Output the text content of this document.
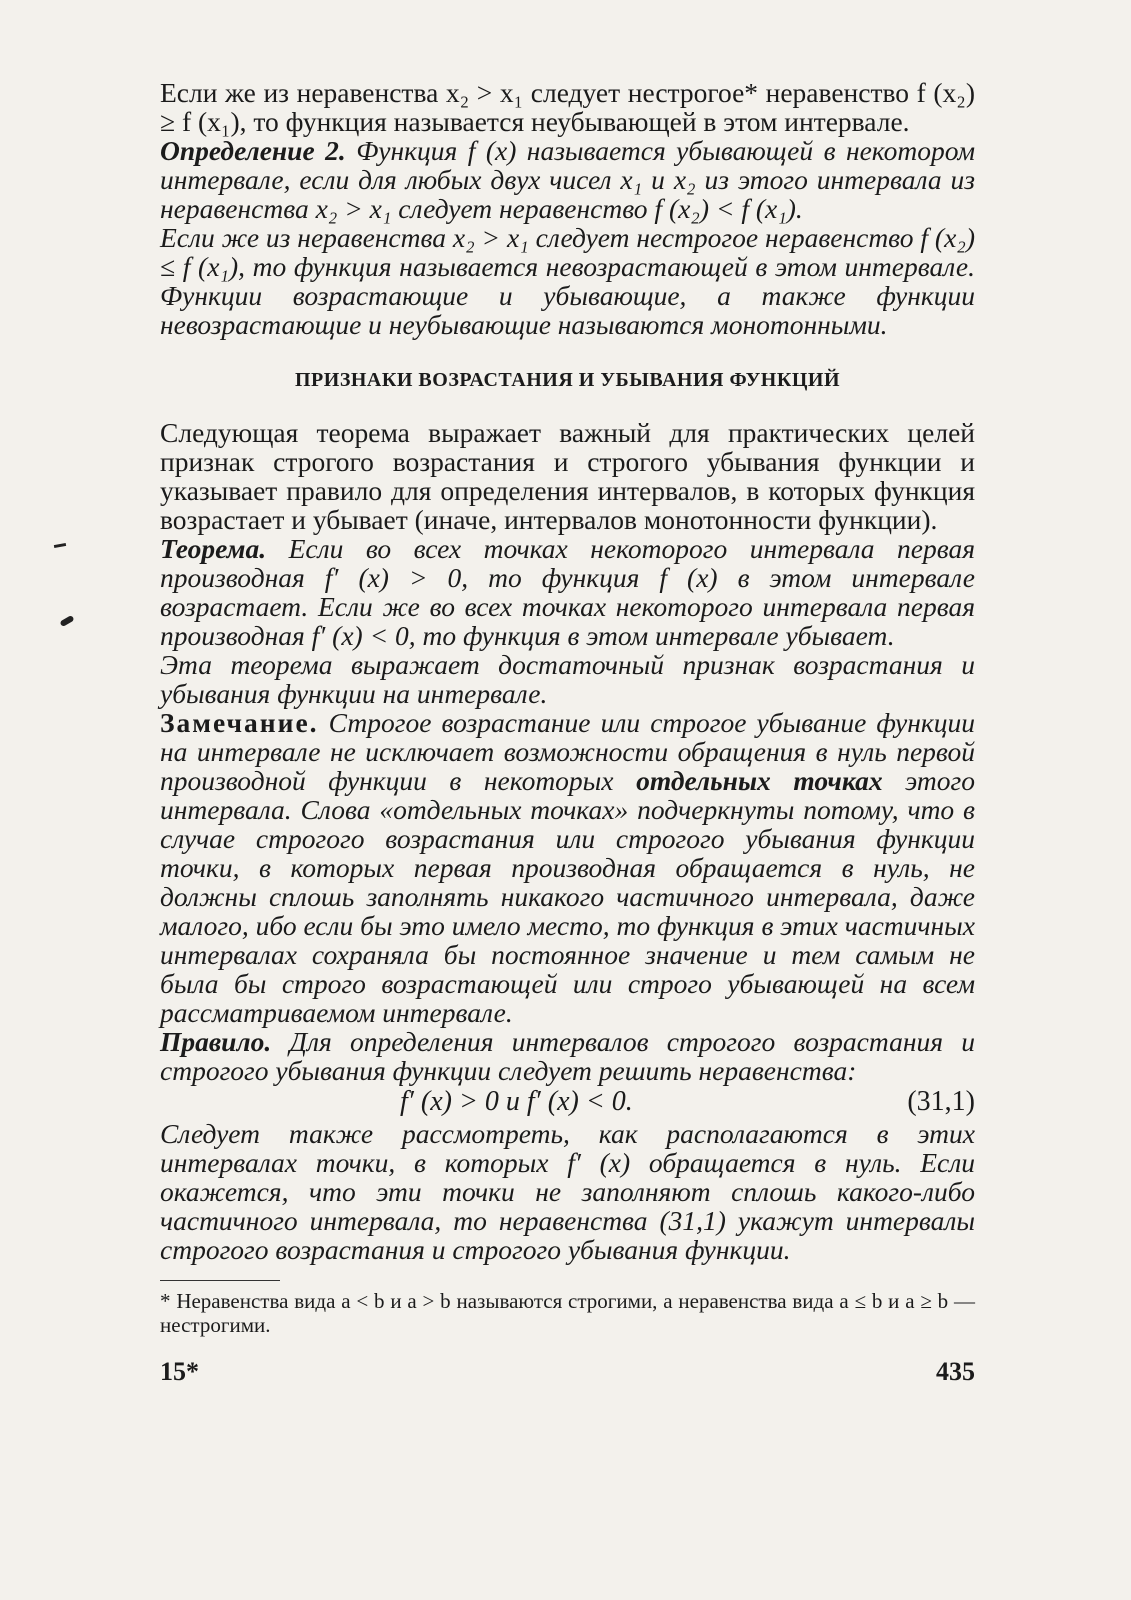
Если же из неравенства x₂ > x₁ следует нестрогое* неравенство f (x₂) ≥ f (x₁), то функция называется неубывающей в этом интервале.

Определение 2. Функция f (x) называется убывающей в некотором интервале, если для любых двух чисел x₁ и x₂ из этого интервала из неравенства x₂ > x₁ следует неравенство f (x₂) < f (x₁).

Если же из неравенства x₂ > x₁ следует нестрогое неравенство f (x₂) ≤ f (x₁), то функция называется невозрастающей в этом интервале. Функции возрастающие и убывающие, а также функции невозрастающие и неубывающие называются монотонными.

ПРИЗНАКИ ВОЗРАСТАНИЯ И УБЫВАНИЯ ФУНКЦИЙ

Следующая теорема выражает важный для практических целей признак строгого возрастания и строгого убывания функции и указывает правило для определения интервалов, в которых функция возрастает и убывает (иначе, интервалов монотонности функции).

Теорема. Если во всех точках некоторого интервала первая производная f′ (x) > 0, то функция f (x) в этом интервале возрастает. Если же во всех точках некоторого интервала первая производная f′ (x) < 0, то функция в этом интервале убывает.

Эта теорема выражает достаточный признак возрастания и убывания функции на интервале.

Замечание. Строгое возрастание или строгое убывание функции на интервале не исключает возможности обращения в нуль первой производной функции в некоторых отдельных точках этого интервала. Слова «отдельных точках» подчеркнуты потому, что в случае строгого возрастания или строгого убывания функции точки, в которых первая производная обращается в нуль, не должны сплошь заполнять никакого частичного интервала, даже малого, ибо если бы это имело место, то функция в этих частичных интервалах сохраняла бы постоянное значение и тем самым не была бы строго возрастающей или строго убывающей на всем рассматриваемом интервале.

Правило. Для определения интервалов строгого возрастания и строгого убывания функции следует решить неравенства:

f′ (x) > 0 и f′ (x) < 0.	(31,1)

Следует также рассмотреть, как располагаются в этих интервалах точки, в которых f′ (x) обращается в нуль. Если окажется, что эти точки не заполняют сплошь какого-либо частичного интервала, то неравенства (31,1) укажут интервалы строгого возрастания и строгого убывания функции.

* Неравенства вида a < b и a > b называются строгими, а неравенства вида a ≤ b и a ≥ b — нестрогими.
15*	435
